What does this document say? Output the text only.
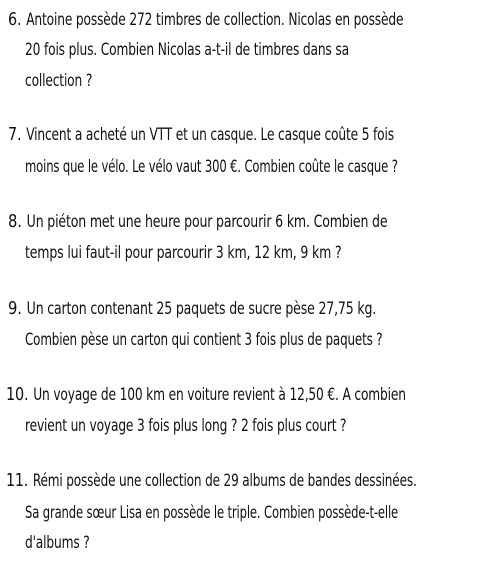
6. Antoine possède 272 timbres de collection. Nicolas en possède
20 fois plus. Combien Nicolas a-t-il de timbres dans sa
collection ?
7. Vincent a acheté un VTT et un casque. Le casque coûte 5 fois
moins que le vélo. Le vélo vaut 300 €. Combien coûte le casque ?
8. Un piéton met une heure pour parcourir 6 km. Combien de
temps lui faut-il pour parcourir 3 km, 12 km, 9 km ?
9. Un carton contenant 25 paquets de sucre pèse 27,75 kg.
Combien pèse un carton qui contient 3 fois plus de paquets ?
10. Un voyage de 100 km en voiture revient à 12,50 €. A combien
revient un voyage 3 fois plus long ? 2 fois plus court ?
11. Rémi possède une collection de 29 albums de bandes dessinées.
Sa grande sœur Lisa en possède le triple. Combien possède-t-elle
d'albums ?
